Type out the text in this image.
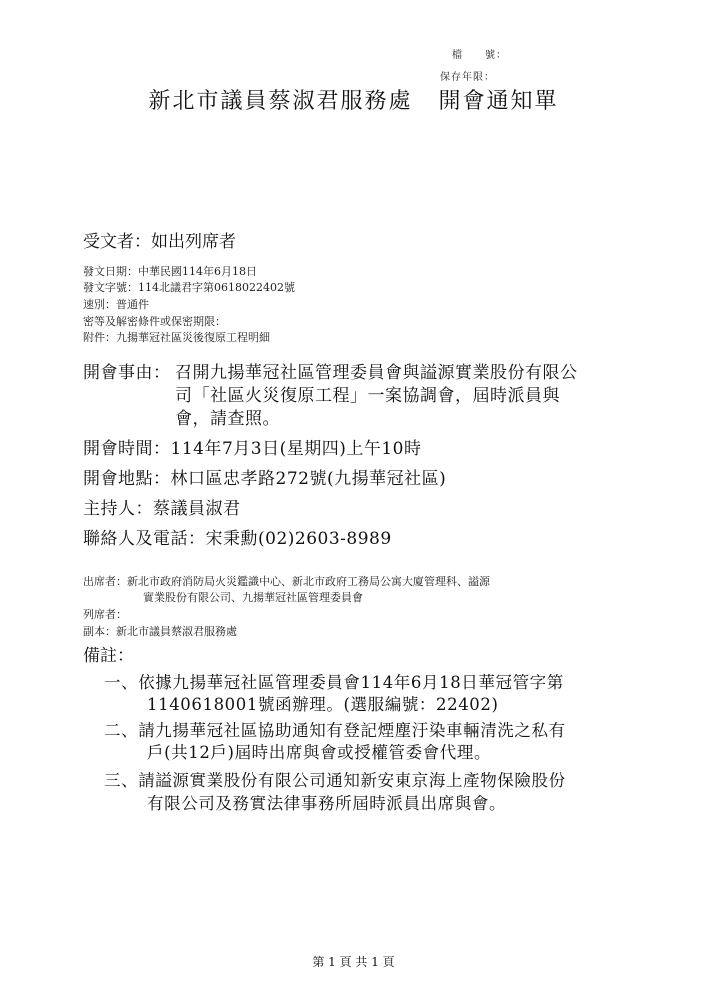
檔　　號：
保存年限：
新北市議員蔡淑君服務處 開會通知單
受文者：如出列席者
發文日期：中華民國114年6月18日
發文字號：114北議君字第0618022402號
速別：普通件
密等及解密條件或保密期限：
附件：九揚華冠社區災後復原工程明細
開會事由： 召開九揚華冠社區管理委員會與謚源實業股份有限公
司「社區火災復原工程」一案協調會，屆時派員與
會，請查照。
開會時間：114年7月3日(星期四)上午10時
開會地點：林口區忠孝路272號(九揚華冠社區)
主持人：蔡議員淑君
聯絡人及電話：宋秉勳(02)2603-8989
出席者：新北市政府消防局火災鑑識中心、新北市政府工務局公寓大廈管理科、謚源
實業股份有限公司、九揚華冠社區管理委員會
列席者：
副本：新北市議員蔡淑君服務處
備註：
一、依據九揚華冠社區管理委員會114年6月18日華冠管字第
1140618001號函辦理。(選服編號：22402)
二、請九揚華冠社區協助通知有登記煙塵汙染車輛清洗之私有
戶(共12戶)屆時出席與會或授權管委會代理。
三、請謚源實業股份有限公司通知新安東京海上產物保險股份
有限公司及務實法律事務所屆時派員出席與會。
第 1 頁 共 1 頁
